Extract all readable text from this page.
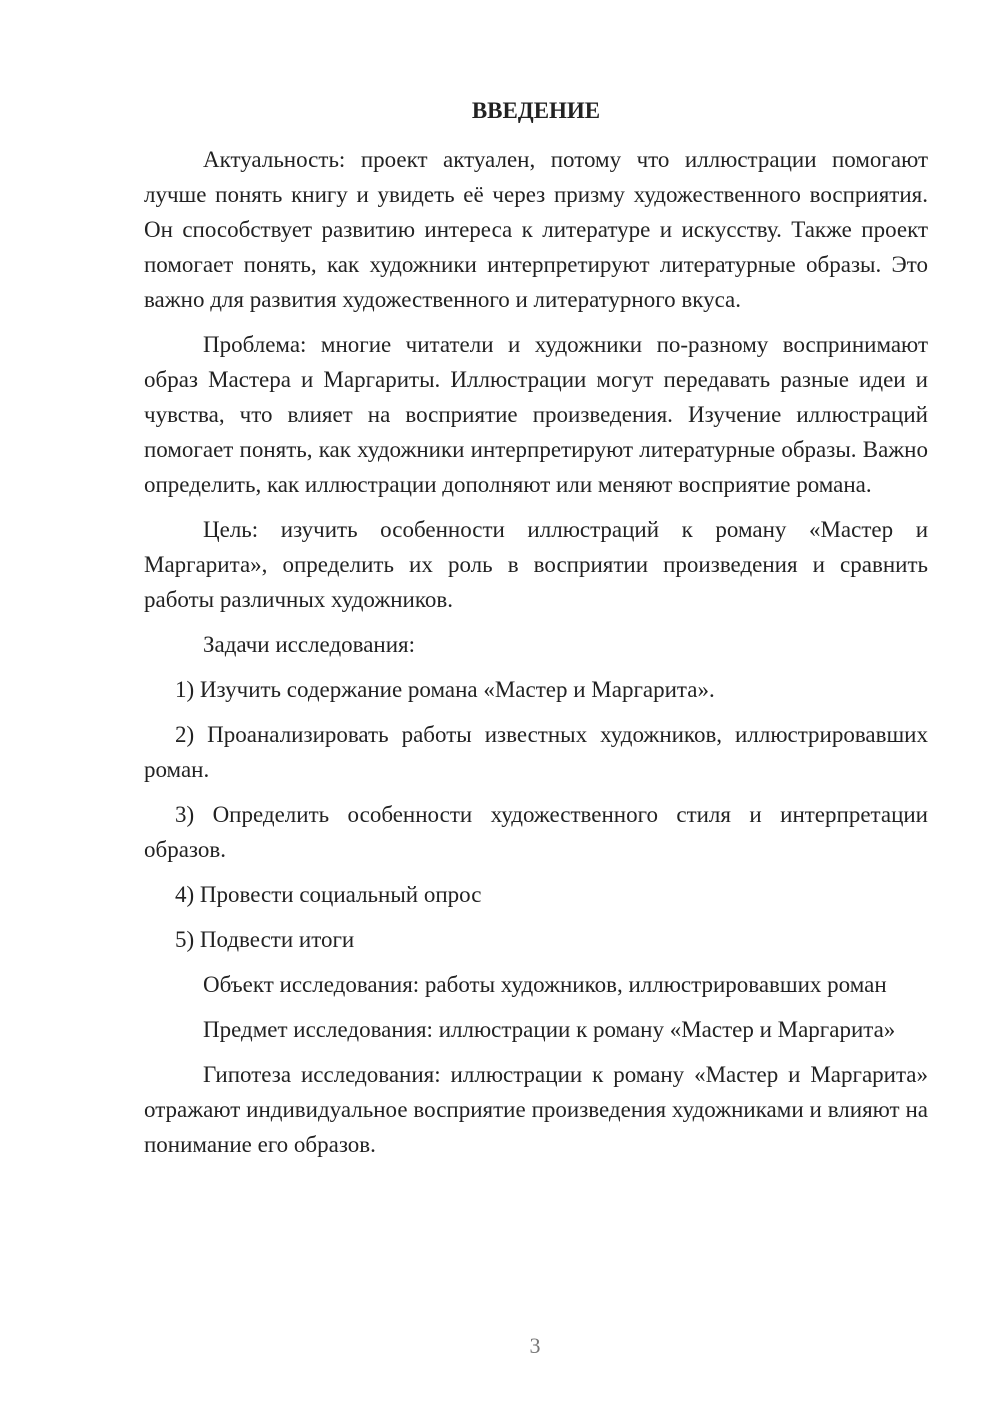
ВВЕДЕНИЕ

Актуальность: проект актуален, потому что иллюстрации помогают лучше понять книгу и увидеть её через призму художественного восприятия. Он способствует развитию интереса к литературе и искусству. Также проект помогает понять, как художники интерпретируют литературные образы. Это важно для развития художественного и литературного вкуса.

Проблема: многие читатели и художники по-разному воспринимают образ Мастера и Маргариты. Иллюстрации могут передавать разные идеи и чувства, что влияет на восприятие произведения. Изучение иллюстраций помогает понять, как художники интерпретируют литературные образы. Важно определить, как иллюстрации дополняют или меняют восприятие романа.

Цель: изучить особенности иллюстраций к роману «Мастер и Маргарита», определить их роль в восприятии произведения и сравнить работы различных художников.

Задачи исследования:

1) Изучить содержание романа «Мастер и Маргарита».

2) Проанализировать работы известных художников, иллюстрировавших роман.

3) Определить особенности художественного стиля и интерпретации образов.

4) Провести социальный опрос

5) Подвести итоги

Объект исследования: работы художников, иллюстрировавших роман

Предмет исследования: иллюстрации к роману «Мастер и Маргарита»

Гипотеза исследования: иллюстрации к роману «Мастер и Маргарита» отражают индивидуальное восприятие произведения художниками и влияют на понимание его образов.

3
